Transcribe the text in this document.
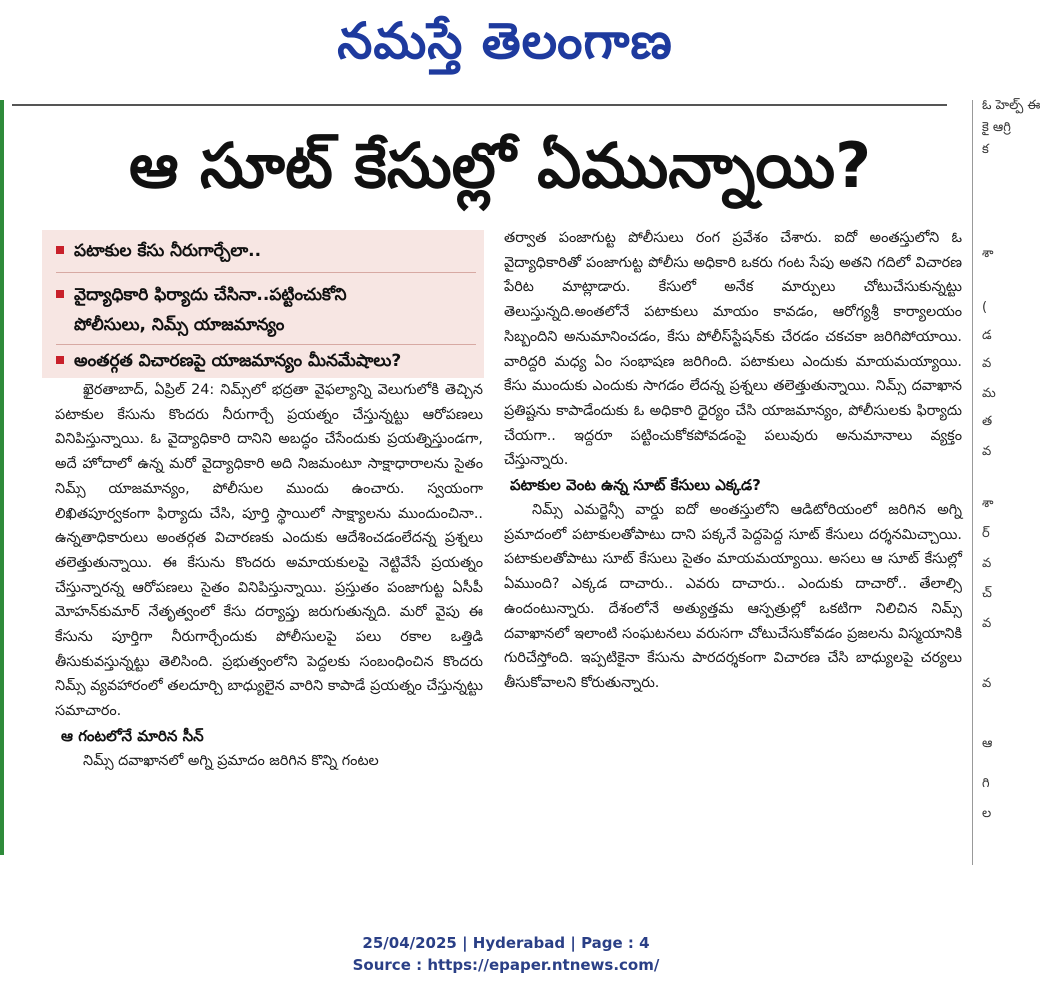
నమస్తే తెలంగాణ
ఆ సూట్ కేసుల్లో ఏమున్నాయి?
పటాకుల కేసు నీరుగార్చేలా..
వైద్యాధికారి ఫిర్యాదు చేసినా..పట్టించుకోని
పోలీసులు, నిమ్స్ యాజమాన్యం
అంతర్గత విచారణపై యాజమాన్యం మీనమేషాలు?

ఖైరతాబాద్, ఏప్రిల్ 24: నిమ్స్‌లో భద్రతా వైఫల్యాన్ని వెలుగులోకి తెచ్చిన పటాకుల కేసును కొందరు నీరుగార్చే ప్రయత్నం చేస్తున్నట్టు ఆరోపణలు వినిపిస్తున్నాయి. ఓ వైద్యాధికారి దానిని అబద్ధం చేసేందుకు ప్రయత్నిస్తుండగా, అదే హోదాలో ఉన్న మరో వైద్యాధికారి అది నిజమంటూ సాక్షాధారాలను సైతం నిమ్స్ యాజమాన్యం, పోలీసుల ముందు ఉంచారు. స్వయంగా లిఖితపూర్వకంగా ఫిర్యాదు చేసి, పూర్తి స్థాయిలో సాక్ష్యాలను ముందుంచినా.. ఉన్నతాధికారులు అంతర్గత విచారణకు ఎందుకు ఆదేశించడంలేదన్న ప్రశ్నలు తలెత్తుతున్నాయి. ఈ కేసును కొందరు అమాయకులపై నెట్టివేసే ప్రయత్నం చేస్తున్నారన్న ఆరోపణలు సైతం వినిపిస్తున్నాయి. ప్రస్తుతం పంజాగుట్ట ఏసీపీ మోహన్‌కుమార్ నేతృత్వంలో కేసు దర్యాప్తు జరుగుతున్నది. మరో వైపు ఈ కేసును పూర్తిగా నీరుగార్చేందుకు పోలీసులపై పలు రకాల ఒత్తిడి తీసుకువస్తున్నట్టు తెలిసింది. ప్రభుత్వంలోని పెద్దలకు సంబంధించిన కొందరు నిమ్స్ వ్యవహారంలో తలదూర్చి బాధ్యులైన వారిని కాపాడే ప్రయత్నం చేస్తున్నట్టు సమాచారం.

ఆ గంటలోనే మారిన సీన్

నిమ్స్ దవాఖానలో అగ్ని ప్రమాదం జరిగిన కొన్ని గంటల

తర్వాత పంజాగుట్ట పోలీసులు రంగ ప్రవేశం చేశారు. ఐదో అంతస్తులోని ఓ వైద్యాధికారితో పంజాగుట్ట పోలీసు అధికారి ఒకరు గంట సేపు అతని గదిలో విచారణ పేరిట మాట్లాడారు. కేసులో అనేక మార్పులు చోటుచేసుకున్నట్టు తెలుస్తున్నది.అంతలోనే పటాకులు మాయం కావడం, ఆరోగ్యశ్రీ కార్యాలయం సిబ్బందిని అనుమానించడం, కేసు పోలీస్‌స్టేషన్‌కు చేరడం చకచకా జరిగిపోయాయి. వారిద్దరి మధ్య ఏం సంభాషణ జరిగింది. పటాకులు ఎందుకు మాయమయ్యాయి. కేసు ముందుకు ఎందుకు సాగడం లేదన్న ప్రశ్నలు తలెత్తుతున్నాయి. నిమ్స్ దవాఖాన ప్రతిష్టను కాపాడేందుకు ఓ అధికారి ధైర్యం చేసి యాజమాన్యం, పోలీసులకు ఫిర్యాదు చేయగా.. ఇద్దరూ పట్టించుకోకపోవడంపై పలువురు అనుమానాలు వ్యక్తం చేస్తున్నారు.

పటాకుల వెంట ఉన్న సూట్ కేసులు ఎక్కడ?

నిమ్స్ ఎమర్జెన్సీ వార్డు ఐదో అంతస్తులోని ఆడిటోరియంలో జరిగిన అగ్ని ప్రమాదంలో పటాకులతోపాటు దాని పక్కనే పెద్దపెద్ద సూట్ కేసులు దర్శనమిచ్చాయి. పటాకులతోపాటు సూట్ కేసులు సైతం మాయమయ్యాయి. అసలు ఆ సూట్ కేసుల్లో ఏముంది? ఎక్కడ దాచారు.. ఎవరు దాచారు.. ఎందుకు దాచారో.. తేలాల్సి ఉందంటున్నారు. దేశంలోనే అత్యుత్తమ ఆస్పత్రుల్లో ఒకటిగా నిలిచిన నిమ్స్ దవాఖానలో ఇలాంటి సంఘటనలు వరుసగా చోటుచేసుకోవడం ప్రజలను విస్మయానికి గురిచేస్తోంది. ఇప్పటికైనా కేసును పారదర్శకంగా విచారణ చేసి బాధ్యులపై చర్యలు తీసుకోవాలని కోరుతున్నారు.

ఓ హెల్ప్ ఈ
కై ఆగ్రి
క
శా
(
డ
వ
మ
త
వ
శా
ర్
వ
చ్
వ
వ
ఆ
గి
ల
25/04/2025 | Hyderabad | Page : 4
Source : https://epaper.ntnews.com/
